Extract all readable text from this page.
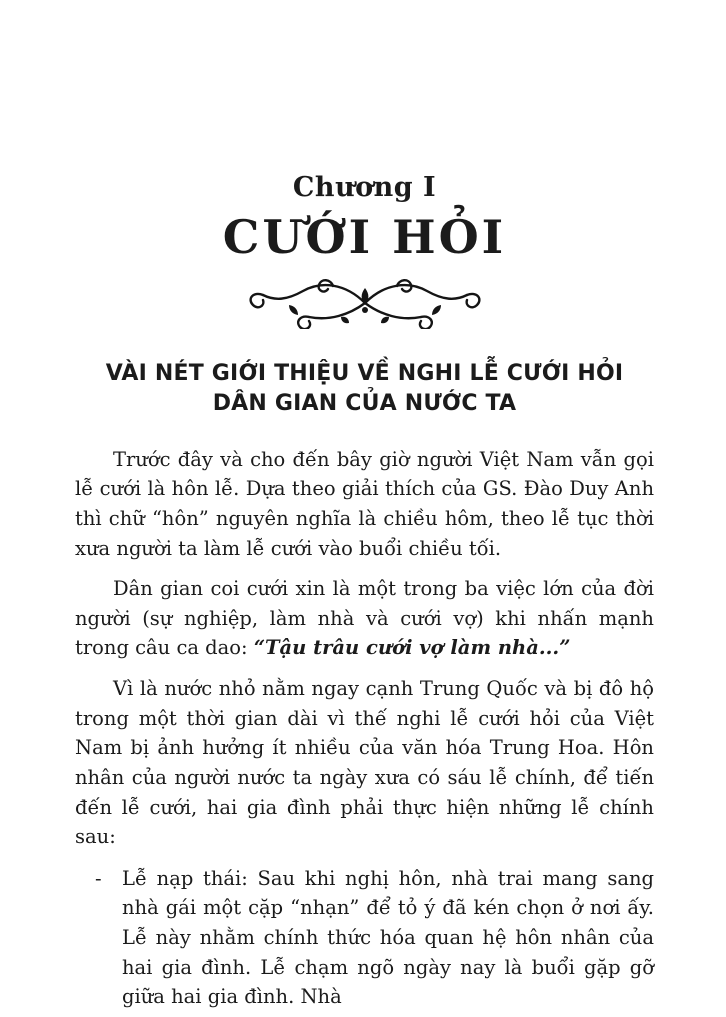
Chương I
CƯỚI HỎI
VÀI NÉT GIỚI THIỆU VỀ NGHI LỄ CƯỚI HỎI
DÂN GIAN CỦA NƯỚC TA

Trước đây và cho đến bây giờ người Việt Nam vẫn gọi lễ cưới là hôn lễ. Dựa theo giải thích của GS. Đào Duy Anh thì chữ “hôn” nguyên nghĩa là chiều hôm, theo lễ tục thời xưa người ta làm lễ cưới vào buổi chiều tối.

Dân gian coi cưới xin là một trong ba việc lớn của đời người (sự nghiệp, làm nhà và cưới vợ) khi nhấn mạnh trong câu ca dao: “Tậu trâu cưới vợ làm nhà...”

Vì là nước nhỏ nằm ngay cạnh Trung Quốc và bị đô hộ trong một thời gian dài vì thế nghi lễ cưới hỏi của Việt Nam bị ảnh hưởng ít nhiều của văn hóa Trung Hoa. Hôn nhân của người nước ta ngày xưa có sáu lễ chính, để tiến đến lễ cưới, hai gia đình phải thực hiện những lễ chính sau:

- Lễ nạp thái: Sau khi nghị hôn, nhà trai mang sang nhà gái một cặp “nhạn” để tỏ ý đã kén chọn ở nơi ấy. Lễ này nhằm chính thức hóa quan hệ hôn nhân của hai gia đình. Lễ chạm ngõ ngày nay là buổi gặp gỡ giữa hai gia đình. Nhà
